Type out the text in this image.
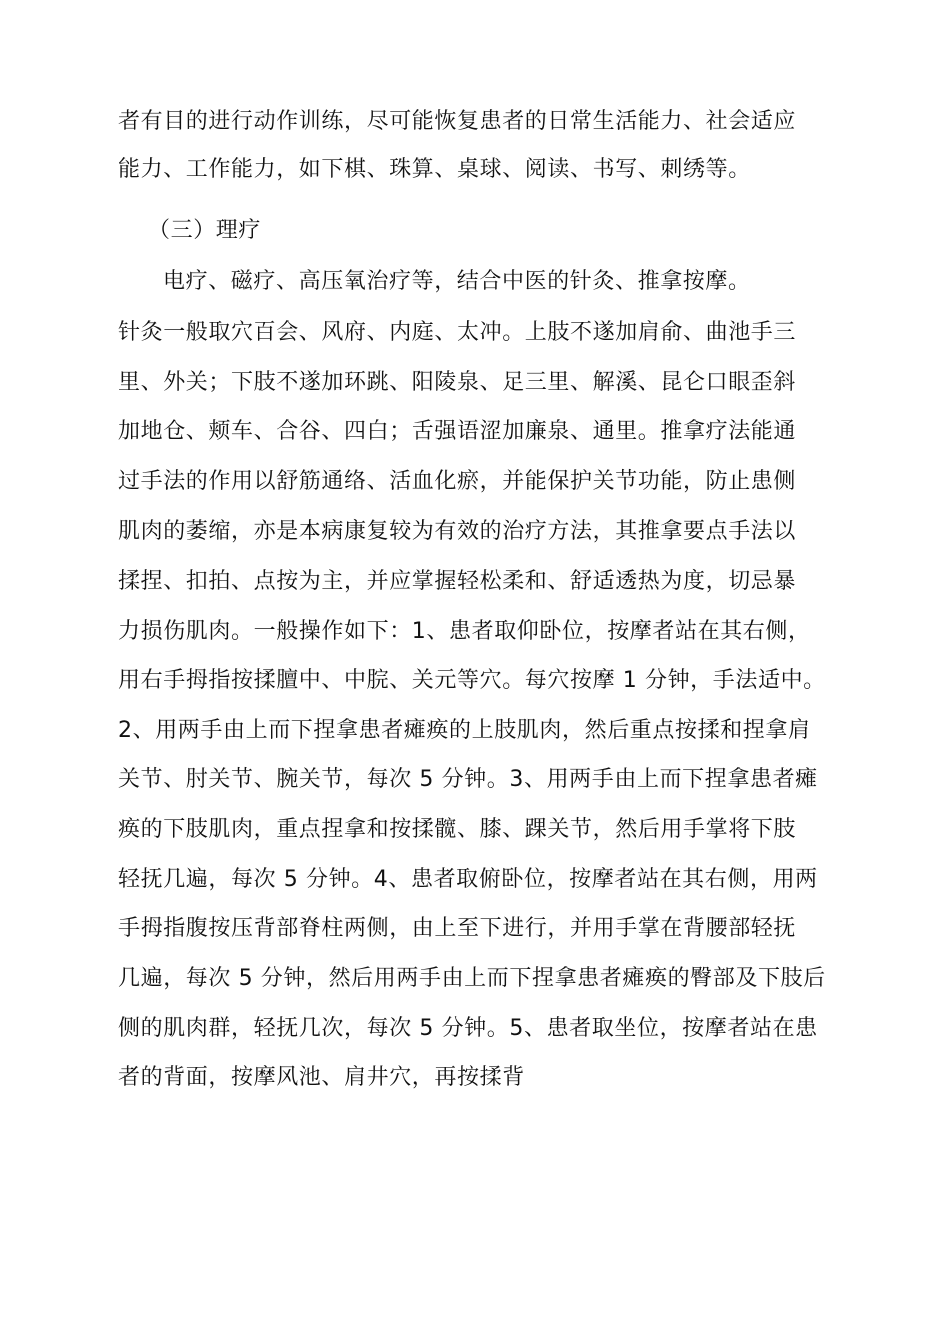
者有目的进行动作训练，尽可能恢复患者的日常生活能力、社会适应
能力、工作能力，如下棋、珠算、桌球、阅读、书写、刺绣等。
（三）理疗
电疗、磁疗、高压氧治疗等，结合中医的针灸、推拿按摩。
针灸一般取穴百会、风府、内庭、太冲。上肢不遂加肩俞、曲池手三
里、外关；下肢不遂加环跳、阳陵泉、足三里、解溪、昆仑口眼歪斜
加地仓、颊车、合谷、四白；舌强语涩加廉泉、通里。推拿疗法能通
过手法的作用以舒筋通络、活血化瘀，并能保护关节功能，防止患侧
肌肉的萎缩，亦是本病康复较为有效的治疗方法，其推拿要点手法以
揉捏、扣拍、点按为主，并应掌握轻松柔和、舒适透热为度，切忌暴
力损伤肌肉。一般操作如下：1、患者取仰卧位，按摩者站在其右侧，
用右手拇指按揉膻中、中脘、关元等穴。每穴按摩 1 分钟，手法适中。
2、用两手由上而下捏拿患者瘫痪的上肢肌肉，然后重点按揉和捏拿肩
关节、肘关节、腕关节，每次 5 分钟。3、用两手由上而下捏拿患者瘫
痪的下肢肌肉，重点捏拿和按揉髋、膝、踝关节，然后用手掌将下肢
轻抚几遍，每次 5 分钟。4、患者取俯卧位，按摩者站在其右侧，用两
手拇指腹按压背部脊柱两侧，由上至下进行，并用手掌在背腰部轻抚
几遍，每次 5 分钟，然后用两手由上而下捏拿患者瘫痪的臀部及下肢后
侧的肌肉群，轻抚几次，每次 5 分钟。5、患者取坐位，按摩者站在患
者的背面，按摩风池、肩井穴，再按揉背
